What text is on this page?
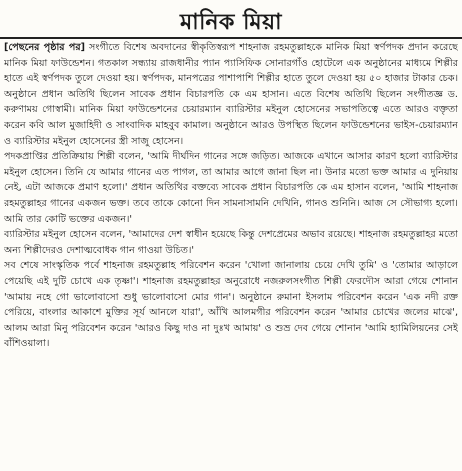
মানিক মিয়া

[পেছনের পৃষ্ঠার পর] সংগীতে বিশেষ অবদানের স্বীকৃতিস্বরূপ শাহনাজ রহমতুল্লাহকে মানিক মিয়া স্বর্ণপদক প্রদান করেছে মানিক মিয়া ফাউন্ডেশন। গতকাল সন্ধ্যায় রাজধানীর প্যান প্যাসিফিক সোনারগাঁও হোটেলে এক অনুষ্ঠানের মাধ্যমে শিল্পীর হাতে এই স্বর্ণপদক তুলে দেওয়া হয়। স্বর্ণপদক, মানপত্রের পাশাপাশি শিল্পীর হাতে তুলে দেওয়া হয় ৫০ হাজার টাকার চেক। অনুষ্ঠানে প্রধান অতিথি ছিলেন সাবেক প্রধান বিচারপতি কে এম হাসান। এতে বিশেষ অতিথি ছিলেন সংগীতজ্ঞ ড. করুণাময় গোস্বামী। মানিক মিয়া ফাউন্ডেশনের চেয়ারম্যান ব্যারিস্টার মইনুল হোসেনের সভাপতিত্বে এতে আরও বক্তৃতা করেন কবি আল মুজাহিদী ও সাংবাদিক মাহবুব কামাল। অনুষ্ঠানে আরও উপস্থিত ছিলেন ফাউন্ডেশনের ভাইস-চেয়ারম্যান ও ব্যারিস্টার মইনুল হোসেনের স্ত্রী সাজু হোসেন।

পদকপ্রাপ্তির প্রতিক্রিয়ায় শিল্পী বলেন, 'আমি দীর্ঘদিন গানের সঙ্গে জড়িত। আজকে এখানে আসার কারণ হলো ব্যারিস্টার মইনুল হোসেন। তিনি যে আমার গানের এত পাগল, তা আমার আগে জানা ছিল না। উনার মতো ভক্ত আমার এ দুনিয়ায় নেই, এটা আজকে প্রমাণ হলো।' প্রধান অতিথির বক্তব্যে সাবেক প্রধান বিচারপতি কে এম হাসান বলেন, 'আমি শাহনাজ রহমতুল্লাহর গানের একজন ভক্ত। তবে তাকে কোনো দিন সামনাসামনি দেখিনি, গানও শুনিনি। আজ সে সৌভাগ্য হলো। আমি তার কোটি ভক্তের একজন।'

ব্যারিস্টার মইনুল হোসেন বলেন, 'আমাদের দেশ স্বাধীন হয়েছে কিন্তু দেশপ্রেমের অভাব রয়েছে। শাহনাজ রহমতুল্লাহর মতো অন্য শিল্পীদেরও দেশাত্মবোধক গান গাওয়া উচিত।'

সব শেষে সাংস্কৃতিক পর্বে শাহনাজ রহমতুল্লাহ পরিবেশন করেন 'খোলা জানালায় চেয়ে দেখি তুমি' ও 'তোমার আড়ালে পেয়েছি এই দুটি চোখে এক তৃষ্ণা'। শাহনাজ রহমতুল্লাহর অনুরোধে নজরুলসংগীত শিল্পী ফেরদৌস আরা গেয়ে শোনান 'আমায় নহে গো ভালোবাসো শুধু ভালোবাসো মোর গান'। অনুষ্ঠানে রুমানা ইসলাম পরিবেশন করেন 'এক নদী রক্ত পেরিয়ে, বাংলার আকাশে মুক্তির সূর্য আনলে যারা', আঁখি আলমগীর পরিবেশন করেন 'আমার চোখের জলের মাঝে', আলম আরা মিনু পরিবেশন করেন 'আরও কিছু দাও না দুঃখ আমায়' ও শুভ্র দেব গেয়ে শোনান 'আমি হ্যামিলিয়নের সেই বাঁশিওয়ালা।
